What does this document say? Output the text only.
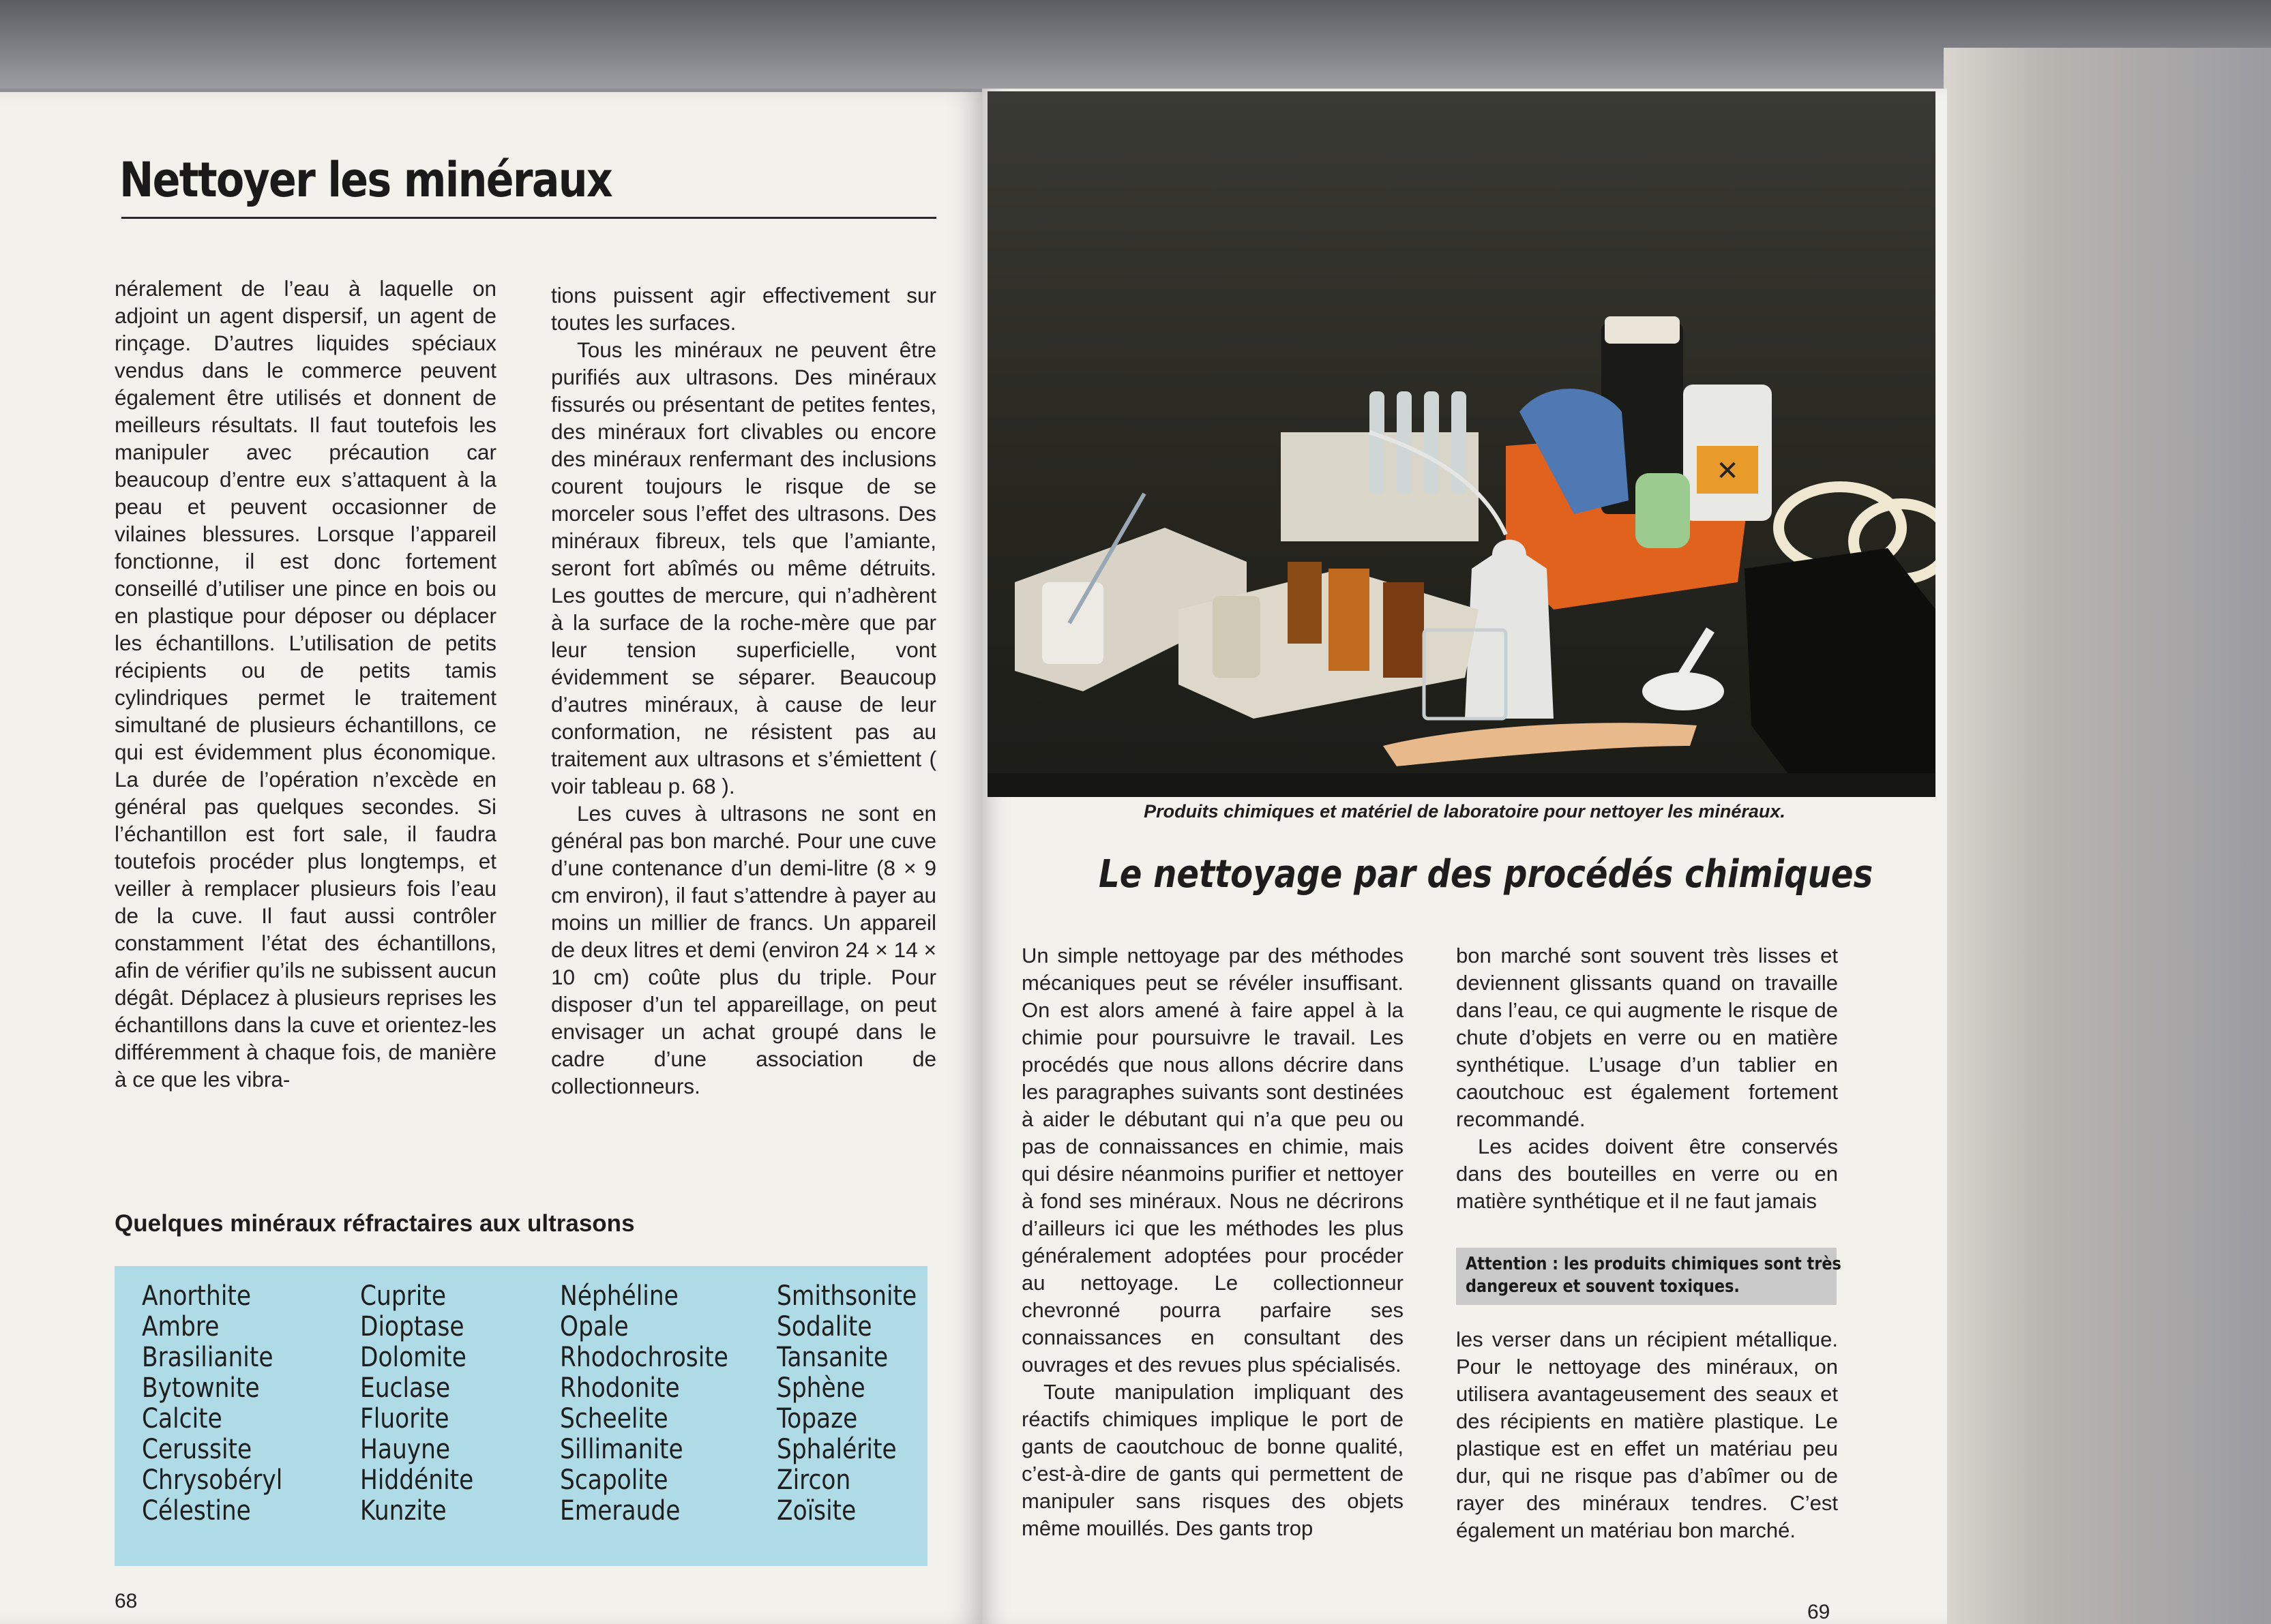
Nettoyer les minéraux

néralement de l’eau à laquelle on adjoint un agent dispersif, un agent de rinçage. D’autres liquides spéciaux vendus dans le commerce peuvent également être utilisés et donnent de meilleurs résultats. Il faut toutefois les manipuler avec précaution car beaucoup d’entre eux s’attaquent à la peau et peuvent occasionner de vilaines blessures. Lorsque l’appareil fonctionne, il est donc fortement conseillé d’utiliser une pince en bois ou en plastique pour déposer ou déplacer les échantillons. L’utilisation de petits récipients ou de petits tamis cylindriques permet le traitement simultané de plusieurs échantillons, ce qui est évidemment plus économique. La durée de l’opération n’excède en général pas quelques secondes. Si l’échantillon est fort sale, il faudra toutefois procéder plus longtemps, et veiller à remplacer plusieurs fois l’eau de la cuve. Il faut aussi contrôler constamment l’état des échantillons, afin de vérifier qu’ils ne subissent aucun dégât. Déplacez à plusieurs reprises les échantillons dans la cuve et orientez-les différemment à chaque fois, de manière à ce que les vibra-

tions puissent agir effectivement sur toutes les surfaces.

Tous les minéraux ne peuvent être purifiés aux ultrasons. Des minéraux fissurés ou présentant de petites fentes, des minéraux fort clivables ou encore des minéraux renfermant des inclusions courent toujours le risque de se morceler sous l’effet des ultrasons. Des minéraux fibreux, tels que l’amiante, seront fort abîmés ou même détruits. Les gouttes de mercure, qui n’adhèrent à la surface de la roche-mère que par leur tension superficielle, vont évidemment se séparer. Beaucoup d’autres minéraux, à cause de leur conformation, ne résistent pas au traitement aux ultrasons et s’émiettent ( voir tableau p. 68 ).

Les cuves à ultrasons ne sont en général pas bon marché. Pour une cuve d’une contenance d’un demi-litre (8 × 9 cm environ), il faut s’attendre à payer au moins un millier de francs. Un appareil de deux litres et demi (environ 24 × 14 × 10 cm) coûte plus du triple. Pour disposer d’un tel appareillage, on peut envisager un achat groupé dans le cadre d’une association de collectionneurs.

Quelques minéraux réfractaires aux ultrasons
Anorthite
Ambre
Brasilianite
Bytownite
Calcite
Cerussite
Chrysobéryl
Célestine
Cuprite
Dioptase
Dolomite
Euclase
Fluorite
Hauyne
Hiddénite
Kunzite
Néphéline
Opale
Rhodochrosite
Rhodonite
Scheelite
Sillimanite
Scapolite
Emeraude
Smithsonite
Sodalite
Tansanite
Sphène
Topaze
Sphalérite
Zircon
Zoïsite
68
✕
Produits chimiques et matériel de laboratoire pour nettoyer les minéraux.
Le nettoyage par des procédés chimiques

Un simple nettoyage par des méthodes mécaniques peut se révéler insuffisant. On est alors amené à faire appel à la chimie pour poursuivre le travail. Les procédés que nous allons décrire dans les paragraphes suivants sont destinées à aider le débutant qui n’a que peu ou pas de connaissances en chimie, mais qui désire néanmoins purifier et nettoyer à fond ses minéraux. Nous ne décrirons d’ailleurs ici que les méthodes les plus généralement adoptées pour procéder au nettoyage. Le collectionneur chevronné pourra parfaire ses connaissances en consultant des ouvrages et des revues plus spécialisés.

Toute manipulation impliquant des réactifs chimiques implique le port de gants de caoutchouc de bonne qualité, c’est-à-dire de gants qui permettent de manipuler sans risques des objets même mouillés. Des gants trop

bon marché sont souvent très lisses et deviennent glissants quand on travaille dans l’eau, ce qui augmente le risque de chute d’objets en verre ou en matière synthétique. L’usage d’un tablier en caoutchouc est également fortement recommandé.

Les acides doivent être conservés dans des bouteilles en verre ou en matière synthétique et il ne faut jamais

Attention : les produits chimiques sont très
dangereux et souvent toxiques.

les verser dans un récipient métallique. Pour le nettoyage des minéraux, on utilisera avantageusement des seaux et des récipients en matière plastique. Le plastique est en effet un matériau peu dur, qui ne risque pas d’abîmer ou de rayer des minéraux tendres. C’est également un matériau bon marché.

69
